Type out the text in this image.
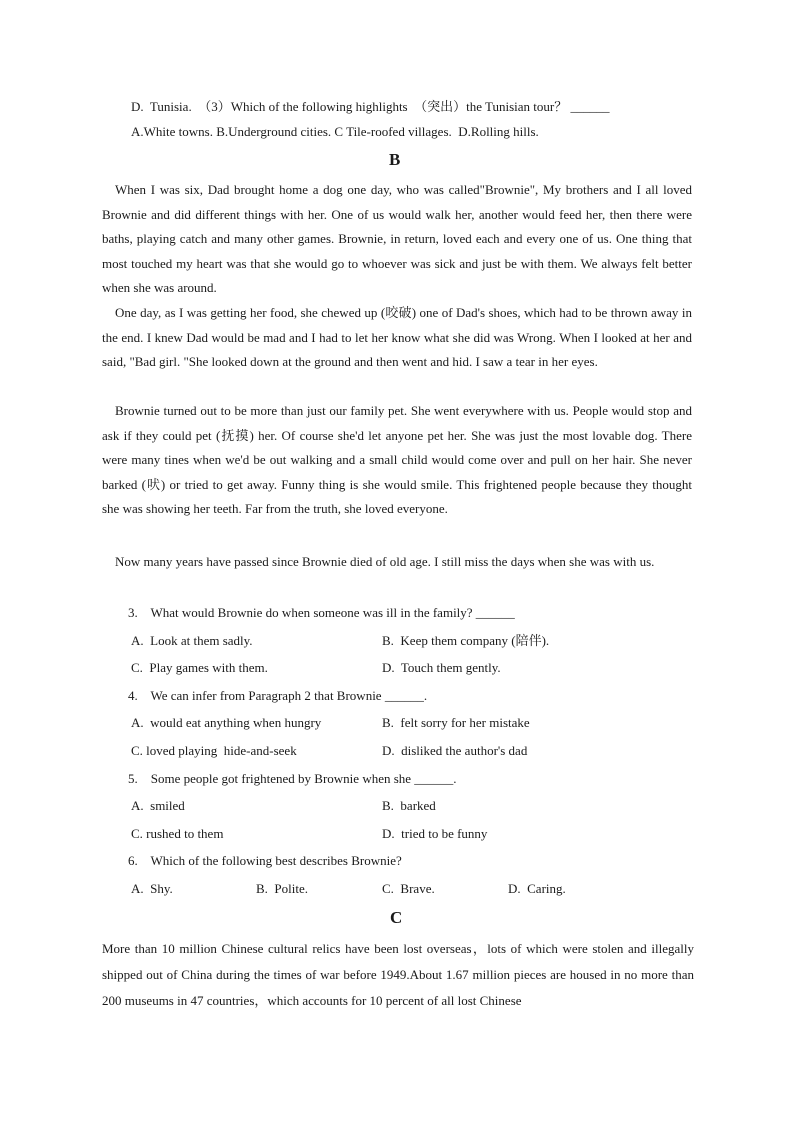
D.  Tunisia.  （3）Which of the following highlights  （突出）the Tunisian tour？ ______
A.White towns. B.Underground cities. C Tile-roofed villages.  D.Rolling hills.
B
When I was six, Dad brought home a dog one day, who was called"Brownie", My brothers and I all loved Brownie and did different things with her. One of us would walk her, another would feed her, then there were baths, playing catch and many other games. Brownie, in return, loved each and every one of us. One thing that most touched my heart was that she would go to whoever was sick and just be with them. We always felt better when she was around.
One day, as I was getting her food, she chewed up (咬破) one of Dad's shoes, which had to be thrown away in the end. I knew Dad would be mad and I had to let her know what she did was Wrong. When I looked at her and said, "Bad girl. "She looked down at the ground and then went and hid. I saw a tear in her eyes.
Brownie turned out to be more than just our family pet. She went everywhere with us. People would stop and ask if they could pet (抚摸) her. Of course she'd let anyone pet her. She was just the most lovable dog. There were many tines when we'd be out walking and a small child would come over and pull on her hair. She never barked (吠) or tried to get away. Funny thing is she would smile. This frightened people because they thought she was showing her teeth. Far from the truth, she loved everyone.
Now many years have passed since Brownie died of old age. I still miss the days when she was with us.
3.    What would Brownie do when someone was ill in the family? ______
A.  Look at them sadly.	B.  Keep them company (陪伴).
C.  Play games with them.	D.  Touch them gently.
4.    We can infer from Paragraph 2 that Brownie ______.
A.  would eat anything when hungry	B.  felt sorry for her mistake
C. loved playing  hide-and-seek	D.  disliked the author's dad
5.    Some people got frightened by Brownie when she ______.
A.  smiled	B.  barked
C. rushed to them	D.  tried to be funny
6.    Which of the following best describes Brownie?
A.  Shy.	B.  Polite.	C.  Brave.	D.  Caring.
C
More than 10 million Chinese cultural relics have been lost overseas，lots of which were stolen and illegally shipped out of China during the times of war before 1949.About 1.67 million pieces are housed in no more than 200 museums in 47 countries，which accounts for 10 percent of all lost Chinese
